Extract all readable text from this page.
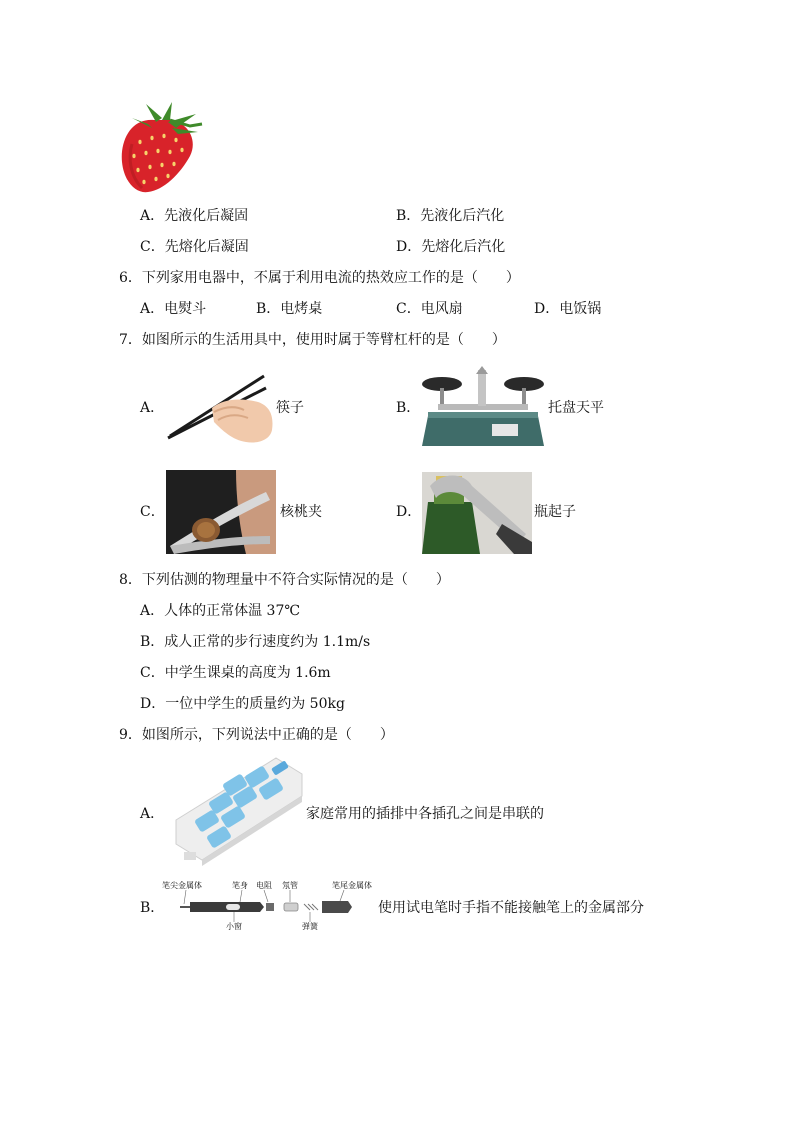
A．先液化后凝固	B．先液化后汽化
C．先熔化后凝固	D．先熔化后汽化
6．下列家用电器中，不属于利用电流的热效应工作的是（　　）
A．电熨斗	B．电烤桌	C．电风扇	D．电饭锅
7．如图所示的生活用具中，使用时属于等臂杠杆的是（　　）
A．	筷子	B．	托盘天平
C．	核桃夹	D．	瓶起子
8．下列估测的物理量中不符合实际情况的是（　　）
A．人体的正常体温 37℃
B．成人正常的步行速度约为 1.1m/s
C．中学生课桌的高度为 1.6m
D．一位中学生的质量约为 50kg
9．如图所示，下列说法中正确的是（　　）
A．	家庭常用的插排中各插孔之间是串联的
B．
笔尖金属体	笔身 电阻 氖管	笔尾金属体
小窗	弹簧
使用试电笔时手指不能接触笔上的金属部分
